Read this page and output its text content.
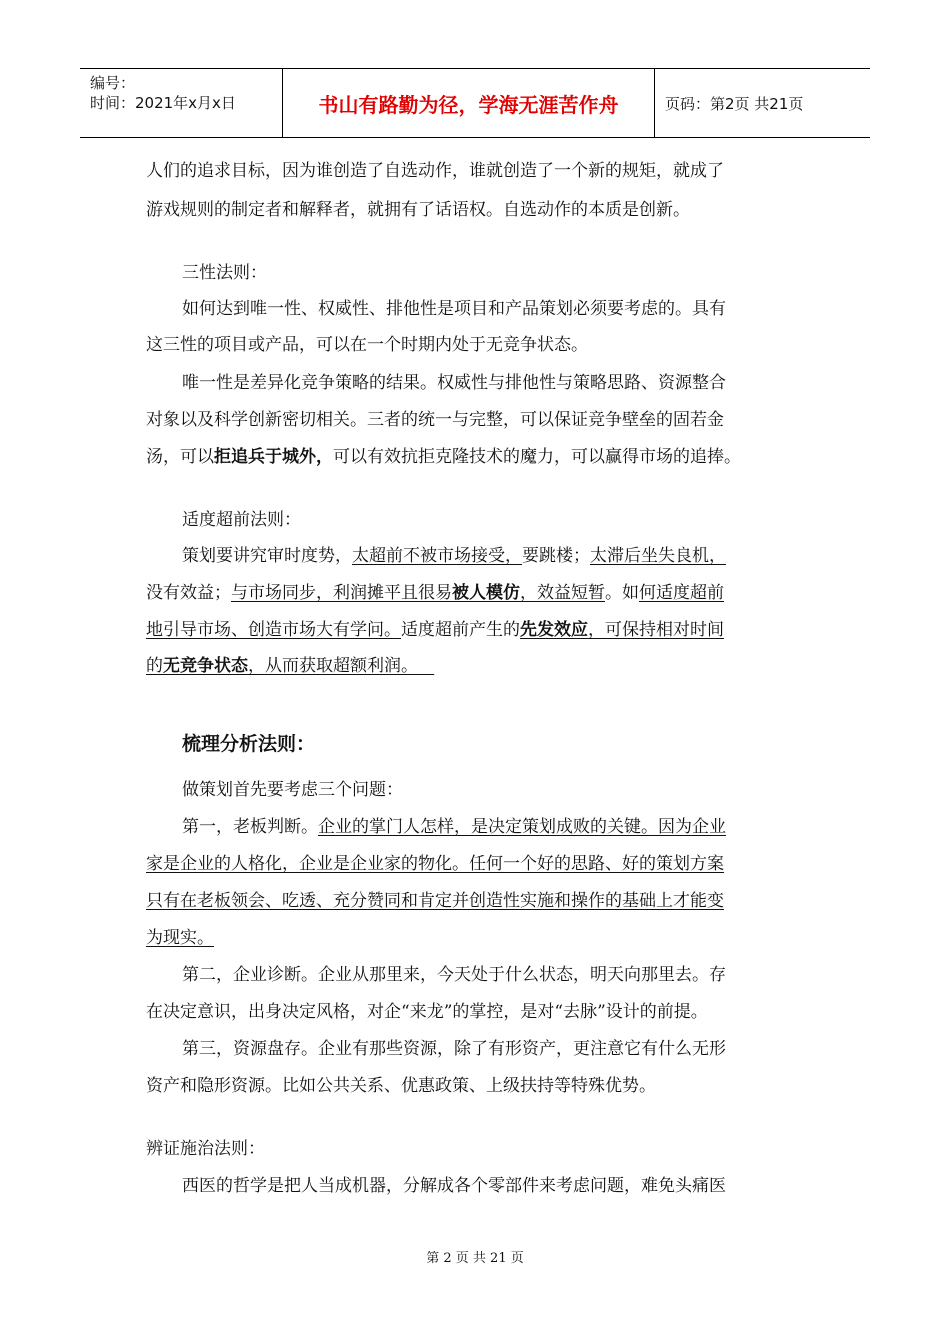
编号：
时间：2021年x月x日	书山有路勤为径，学海无涯苦作舟	页码：第2页 共21页
人们的追求目标，因为谁创造了自选动作，谁就创造了一个新的规矩，就成了
游戏规则的制定者和解释者，就拥有了话语权。自选动作的本质是创新。
三性法则：
如何达到唯一性、权威性、排他性是项目和产品策划必须要考虑的。具有
这三性的项目或产品，可以在一个时期内处于无竞争状态。
唯一性是差异化竞争策略的结果。权威性与排他性与策略思路、资源整合
对象以及科学创新密切相关。三者的统一与完整，可以保证竞争壁垒的固若金
汤，可以拒追兵于城外，可以有效抗拒克隆技术的魔力，可以赢得市场的追捧。
适度超前法则：
策划要讲究审时度势，太超前不被市场接受，要跳楼；太滞后坐失良机，
没有效益；与市场同步，利润摊平且很易被人模仿，效益短暂。如何适度超前
地引导市场、创造市场大有学问。适度超前产生的先发效应，可保持相对时间
的无竞争状态，从而获取超额利润。
梳理分析法则：
做策划首先要考虑三个问题：
第一，老板判断。企业的掌门人怎样，是决定策划成败的关键。因为企业
家是企业的人格化，企业是企业家的物化。任何一个好的思路、好的策划方案
只有在老板领会、吃透、充分赞同和肯定并创造性实施和操作的基础上才能变
为现实。
第二，企业诊断。企业从那里来，今天处于什么状态，明天向那里去。存
在决定意识，出身决定风格，对企“来龙”的掌控，是对“去脉”设计的前提。
第三，资源盘存。企业有那些资源，除了有形资产，更注意它有什么无形
资产和隐形资源。比如公共关系、优惠政策、上级扶持等特殊优势。
辨证施治法则：
西医的哲学是把人当成机器，分解成各个零部件来考虑问题，难免头痛医
第 2 页 共 21 页
